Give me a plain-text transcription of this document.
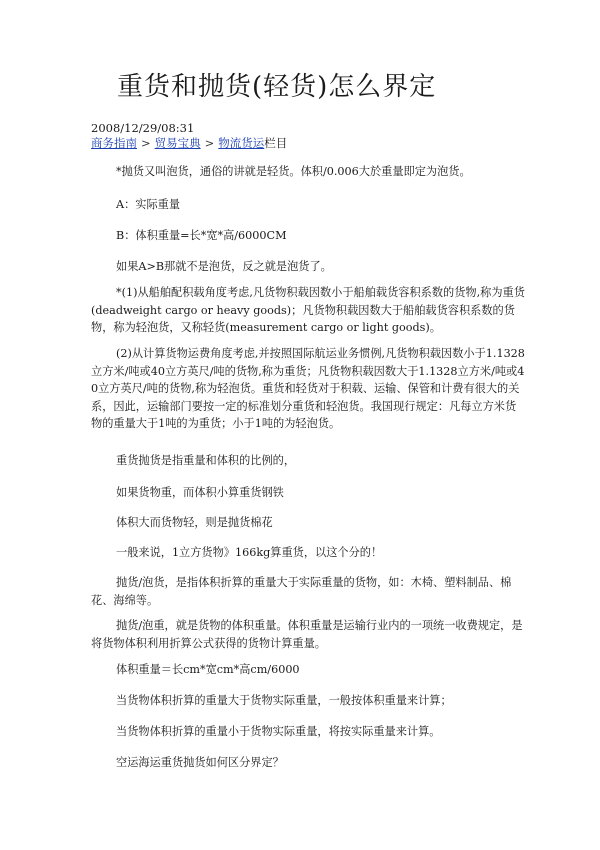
重货和抛货(轻货)怎么界定
2008/12/29/08:31
商务指南 > 贸易宝典 > 物流货运栏目

*抛货又叫泡货，通俗的讲就是轻货。体积/0.006大於重量即定为泡货。

A：实际重量

B：体积重量=长*宽*高/6000CM

如果A>B那就不是泡货，反之就是泡货了。

*(1)从船舶配积载角度考虑,凡货物积载因数小于船舶载货容积系数的货物,称为重货(deadweight cargo or heavy goods)；凡货物积载因数大于船舶载货容积系数的货物，称为轻泡货，又称轻货(measurement cargo or light goods)。

(2)从计算货物运费角度考虑,并按照国际航运业务惯例,凡货物积载因数小于1.1328立方米/吨或40立方英尺/吨的货物,称为重货；凡货物积载因数大于1.1328立方米/吨或40立方英尺/吨的货物,称为轻泡货。重货和轻货对于积载、运输、保管和计费有很大的关系，因此，运输部门要按一定的标准划分重货和轻泡货。我国现行规定：凡每立方米货物的重量大于1吨的为重货；小于1吨的为轻泡货。

重货抛货是指重量和体积的比例的，

如果货物重，而体积小算重货钢铁

体积大而货物轻，则是抛货棉花

一般来说，1立方货物》166kg算重货，以这个分的！

抛货/泡货，是指体积折算的重量大于实际重量的货物，如：木椅、塑料制品、棉花、海绵等。

抛货/泡重，就是货物的体积重量。体积重量是运输行业内的一项统一收费规定，是将货物体积利用折算公式获得的货物计算重量。

体积重量＝长cm*宽cm*高cm/6000

当货物体积折算的重量大于货物实际重量，一般按体积重量来计算；

当货物体积折算的重量小于货物实际重量，将按实际重量来计算。

空运海运重货抛货如何区分界定？
